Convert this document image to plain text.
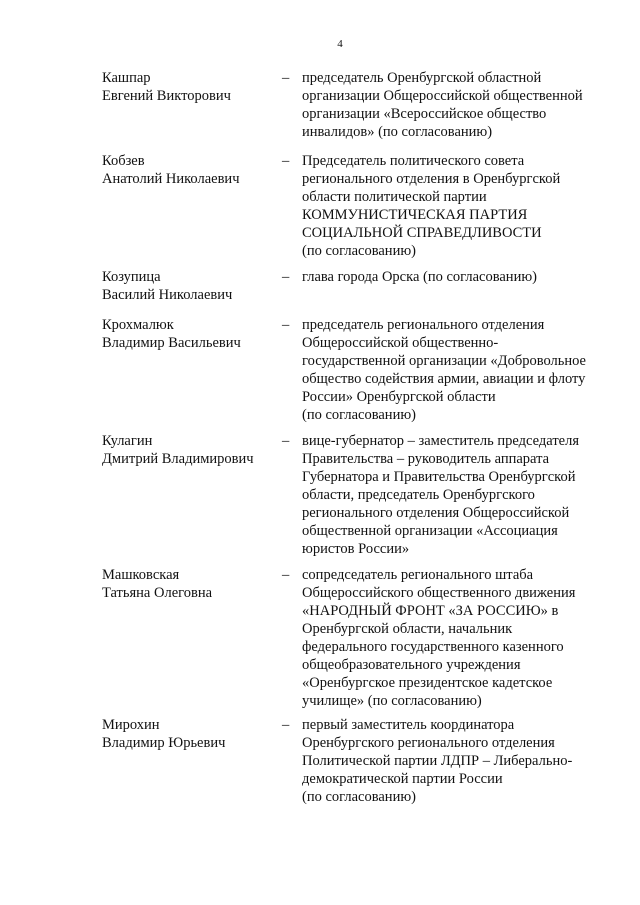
4
Кашпар
Евгений Викторович
– председатель Оренбургской областной
организации Общероссийской общественной
организации «Всероссийское общество
инвалидов» (по согласованию)
Кобзев
Анатолий Николаевич
– Председатель политического совета
регионального отделения в Оренбургской
области политической партии
КОММУНИСТИЧЕСКАЯ ПАРТИЯ
СОЦИАЛЬНОЙ СПРАВЕДЛИВОСТИ
(по согласованию)
Козупица
Василий Николаевич
– глава города Орска (по согласованию)
Крохмалюк
Владимир Васильевич
– председатель регионального отделения
Общероссийской общественно-
государственной организации «Добровольное
общество содействия армии, авиации и флоту
России» Оренбургской области
(по согласованию)
Кулагин
Дмитрий Владимирович
– вице-губернатор – заместитель председателя
Правительства – руководитель аппарата
Губернатора и Правительства Оренбургской
области, председатель Оренбургского
регионального отделения Общероссийской
общественной организации «Ассоциация
юристов России»
Машковская
Татьяна Олеговна
– сопредседатель регионального штаба
Общероссийского общественного движения
«НАРОДНЫЙ ФРОНТ «ЗА РОССИЮ» в
Оренбургской области, начальник
федерального государственного казенного
общеобразовательного учреждения
«Оренбургское президентское кадетское
училище» (по согласованию)
Мирохин
Владимир Юрьевич
– первый заместитель координатора
Оренбургского регионального отделения
Политической партии ЛДПР – Либерально-
демократической партии России
(по согласованию)
